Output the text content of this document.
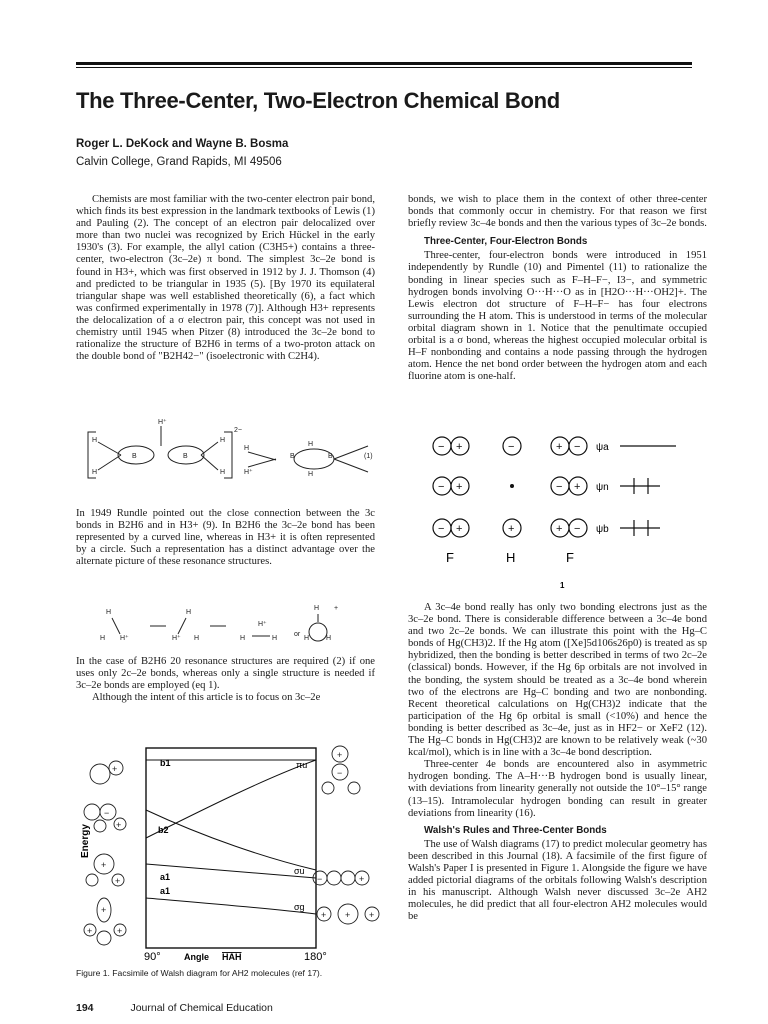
The Three-Center, Two-Electron Chemical Bond
Roger L. DeKock and Wayne B. Bosma
Calvin College, Grand Rapids, MI 49506

Chemists are most familiar with the two-center electron pair bond, which finds its best expression in the landmark textbooks of Lewis (1) and Pauling (2). The concept of an electron pair delocalized over more than two nuclei was recognized by Erich Hückel in the early 1930's (3). For example, the allyl cation (C3H5+) contains a three-center, two-electron (3c–2e) π bond. The simplest 3c–2e bond is found in H3+, which was first observed in 1912 by J. J. Thomson (4) and predicted to be triangular in 1935 (5). [By 1970 its equilateral triangular shape was well established theoretically (6), a fact which was confirmed experimentally in 1978 (7)]. Although H3+ represents the delocalization of a σ electron pair, this concept was not used in chemistry until 1945 when Pitzer (8) introduced the 3c–2e bond to rationalize the structure of B2H6 in terms of a two-proton attack on the double bond of "B2H42−" (isoelectronic with C2H4).

H⁺
2−
H
H
B	B
H
H
H
H⁺
B
H
H
B	(1)

In 1949 Rundle pointed out the close connection between the 3c bonds in B2H6 and in H3+ (9). In B2H6 the 3c–2e bond has been represented by a curved line, whereas in H3+ it is often represented by a circle. Such a representation has a distinct advantage over the alternate picture of these resonance structures.

H
H H⁺
H
H⁺ H
H⁺
H	H
or
H
H H
+

In the case of B2H6 20 resonance structures are required (2) if one uses only 2c–2e bonds, whereas only a single structure is needed if 3c–2e bonds are employed (eq 1).

Although the intent of this article is to focus on 3c–2e

+
−
+
+
+
+
+	+
+
−
−	+
+ + +
b1
b2
a1
a1
πu
σu
σg
Energy
90°	Angle HAH	180°
Figure 1. Facsimile of Walsh diagram for AH2 molecules (ref 17).

bonds, we wish to place them in the context of other three-center bonds that commonly occur in chemistry. For that reason we first briefly review 3c–4e bonds and then the various types of 3c–2e bonds.

Three-Center, Four-Electron Bonds

Three-center, four-electron bonds were introduced in 1951 independently by Rundle (10) and Pimentel (11) to rationalize the bonding in linear species such as F–H–F−, I3−, and symmetric hydrogen bonds involving O···H···O as in [H2O···H···OH2]+. The Lewis electron dot structure of F–H–F− has four electrons surrounding the H atom. This is understood in terms of the molecular orbital diagram shown in 1. Notice that the penultimate occupied orbital is a σ bond, whereas the highest occupied molecular orbital is H–F nonbonding and contains a node passing through the hydrogen atom. Hence the net bond order between the hydrogen atom and each fluorine atom is one-half.

− +	−	+ −
− +	− +
− +	+	+ −
ψa
ψn
ψb
F	H	F
1

A 3c–4e bond really has only two bonding electrons just as the 3c–2e bond. There is considerable difference between a 3c–4e bond and two 2c–2e bonds. We can illustrate this point with the Hg–C bonds of Hg(CH3)2. If the Hg atom ([Xe]5d106s26p0) is treated as sp hybridized, then the bonding is better described in terms of two 2c–2e (classical) bonds. However, if the Hg 6p orbitals are not involved in the bonding, the system should be treated as a 3c–4e bond wherein two of the electrons are Hg–C bonding and two are nonbonding. Recent theoretical calculations on Hg(CH3)2 indicate that the participation of the Hg 6p orbital is small (<10%) and hence the bonding is better described as 3c–4e, just as in HF2− or XeF2 (12). The Hg–C bonds in Hg(CH3)2 are known to be relatively weak (~30 kcal/mol), which is in line with a 3c–4e bond description.

Three-center 4e bonds are encountered also in asymmetric hydrogen bonding. The A–H···B hydrogen bond is usually linear, with deviations from linearity generally not outside the 10°–15° range (13–15). Intramolecular hydrogen bonding can result in greater deviations from linearity (16).

Walsh's Rules and Three-Center Bonds

The use of Walsh diagrams (17) to predict molecular geometry has been described in this Journal (18). A facsimile of the first figure of Walsh's Paper I is presented in Figure 1. Alongside the figure we have added pictorial diagrams of the orbitals following Walsh's description in his manuscript. Although Walsh never discussed 3c–2e AH2 molecules, he did predict that all four-electron AH2 molecules would be

194	Journal of Chemical Education
